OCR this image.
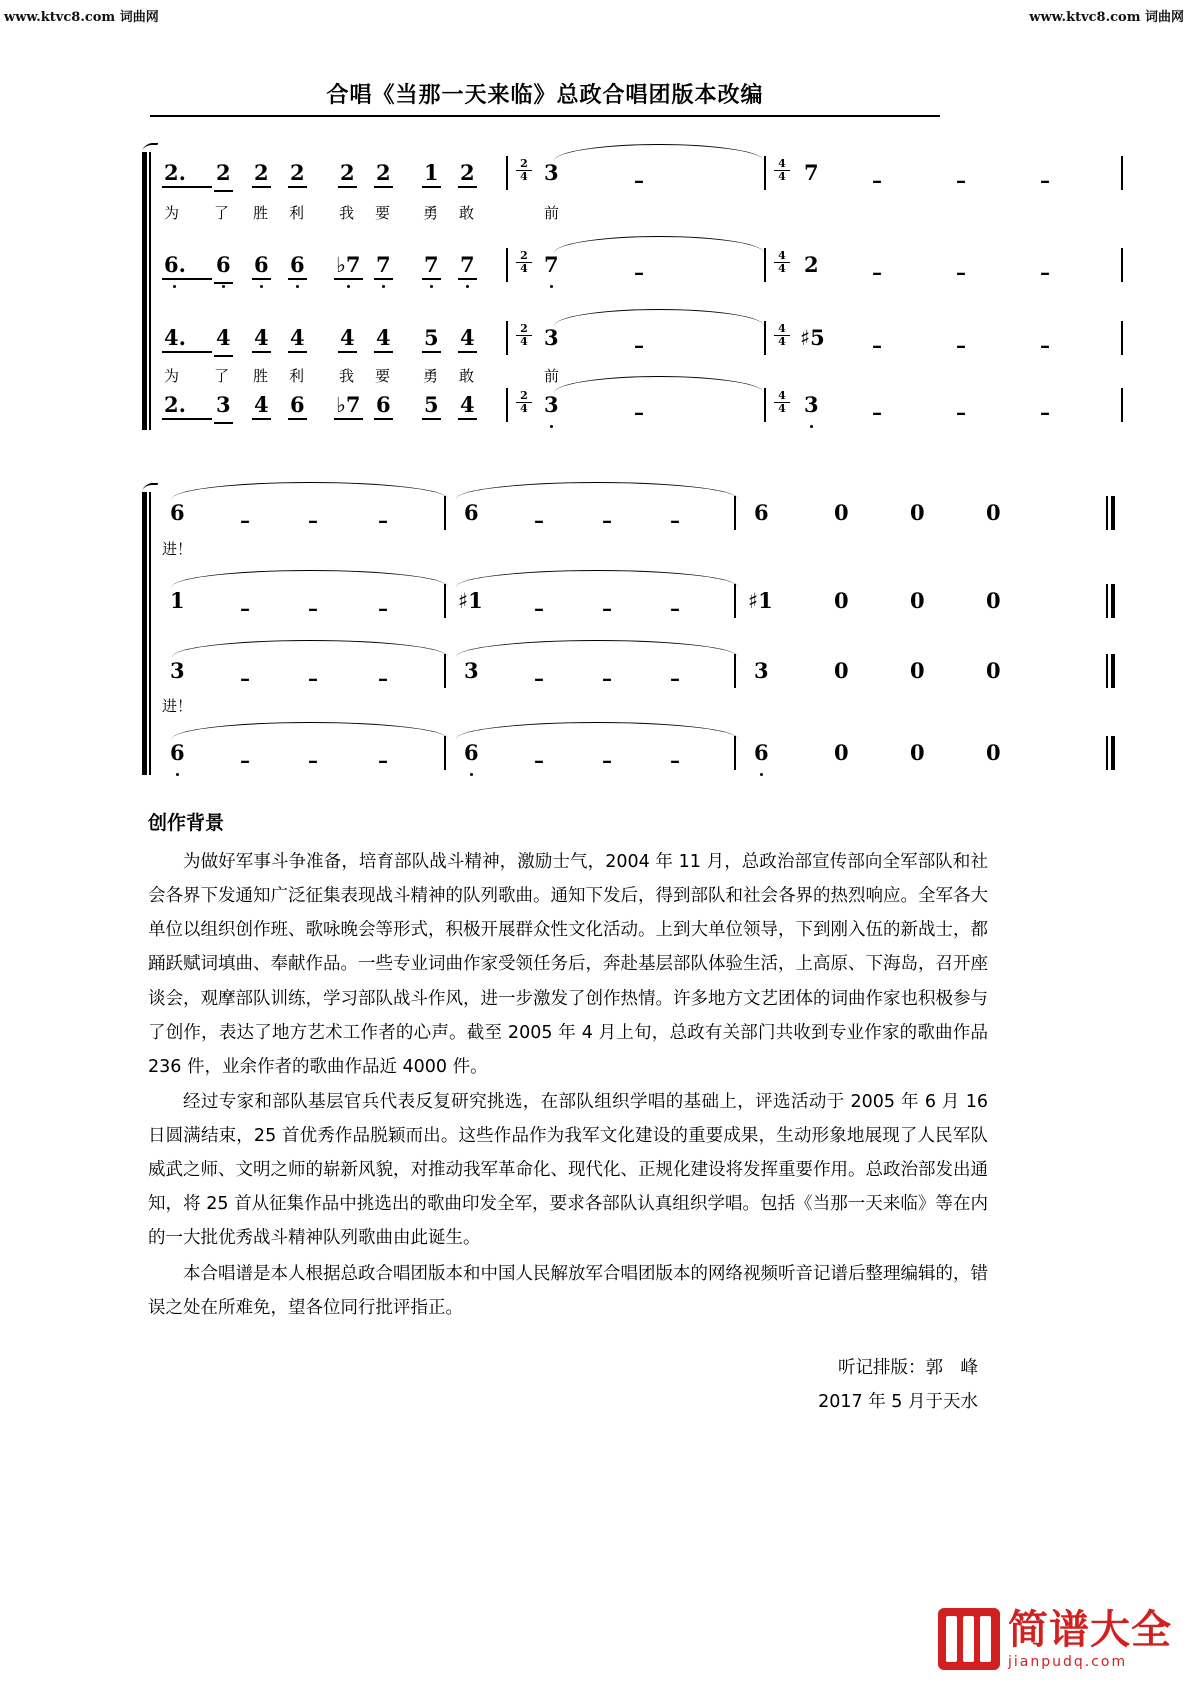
www.ktvc8.com 词曲网	www.ktvc8.com 词曲网
合唱《当那一天来临》总政合唱团版本改编
2. 2 2 2 2 2 1 2	$\frac{2}{4} 3$	–	$\frac{4}{4} 7$	–	–	–
为 了 胜 利 我 要 勇 敢	前
6. 6 6 6 ♭7 7 7 7	$\frac{2}{4} 7$	–	$\frac{4}{4} 2$	–	–	–
4. 4 4 4 4 4 5 4	$\frac{2}{4} 3$	–	$\frac{4}{4}$ ♯5 –	–	–
为 了 胜 利 我 要 勇 敢	前
2. 3 4 6 ♭7 6 5 4	$\frac{2}{4} 3$	–	$\frac{4}{4} 3$	–	–	–
6	–	–	–	6	–	–	–	6	0	0	0
进！
1	–	–	–	♯1	–	–	–	♯1	0	0	0
3	–	–	–	3	–	–	–	3	0	0	0
进！
6	–	–	–	6	–	–	–	6	0	0	0
创作背景

为做好军事斗争准备，培育部队战斗精神，激励士气，2004 年 11 月，总政治部宣传部向全军部队和社会各界下发通知广泛征集表现战斗精神的队列歌曲。通知下发后，得到部队和社会各界的热烈响应。全军各大单位以组织创作班、歌咏晚会等形式，积极开展群众性文化活动。上到大单位领导，下到刚入伍的新战士，都踊跃赋词填曲、奉献作品。一些专业词曲作家受领任务后，奔赴基层部队体验生活，上高原、下海岛，召开座谈会，观摩部队训练，学习部队战斗作风，进一步激发了创作热情。许多地方文艺团体的词曲作家也积极参与了创作，表达了地方艺术工作者的心声。截至 2005 年 4 月上旬，总政有关部门共收到专业作家的歌曲作品 236 件，业余作者的歌曲作品近 4000 件。

经过专家和部队基层官兵代表反复研究挑选，在部队组织学唱的基础上，评选活动于 2005 年 6 月 16 日圆满结束，25 首优秀作品脱颖而出。这些作品作为我军文化建设的重要成果，生动形象地展现了人民军队威武之师、文明之师的崭新风貌，对推动我军革命化、现代化、正规化建设将发挥重要作用。总政治部发出通知，将 25 首从征集作品中挑选出的歌曲印发全军，要求各部队认真组织学唱。包括《当那一天来临》等在内的一大批优秀战斗精神队列歌曲由此诞生。

本合唱谱是本人根据总政合唱团版本和中国人民解放军合唱团版本的网络视频听音记谱后整理编辑的，错误之处在所难免，望各位同行批评指正。

听记排版：郭　峰
2017 年 5 月于天水
简谱大全
jianpudq.com
